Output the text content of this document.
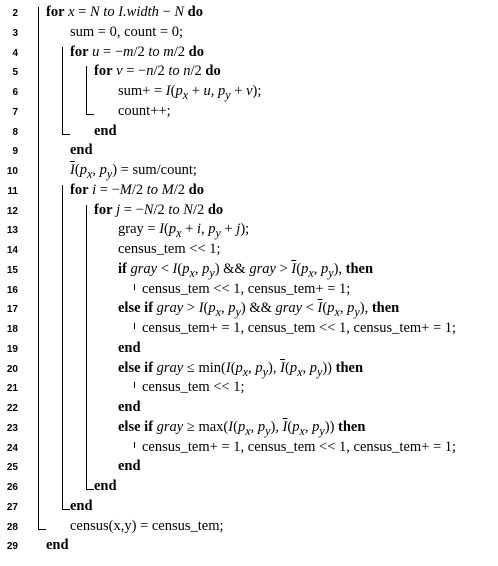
2 for x = N to I.width − N do
3	sum = 0, count = 0;
4	for u = −m/2 to m/2 do
5	for v = −n/2 to n/2 do
6	$sum+ = I(p_x + u$, $p_y + v$);
7	count++;
8	end
9	end
10	$\overline{I}(p_x$, $p_y$) = sum/count;
11	for i = −M/2 to M/2 do
12	for j = −N/2 to N/2 do
13	gray = $I(p_x + i$, $p_y + j$);
14	census_tem << 1;
15	if gray < $I(p_x$, $p_y$) && gray > $\overline{I}(p_x$, $p_y$), then
16	census_tem << 1, census_tem+ = 1;
17	else if gray > $I(p_x$, $p_y$) && gray < $\overline{I}(p_x$, $p_y$), then
18	census_tem+ = 1, census_tem << 1, census_tem+ = 1;
19	end
20	else if gray ≤ $\min(I(p_x$, $p_y$), $\overline{I}(p_x$, $p_y$)) then
21	census_tem << 1;
22	end
23	else if gray ≥ $\max(I(p_x$, $p_y$), $\overline{I}(p_x$, $p_y$)) then
24	census_tem+ = 1, census_tem << 1, census_tem+ = 1;
25	end
26	end
27	end
28	census(x,y) = census_tem;
29 end
